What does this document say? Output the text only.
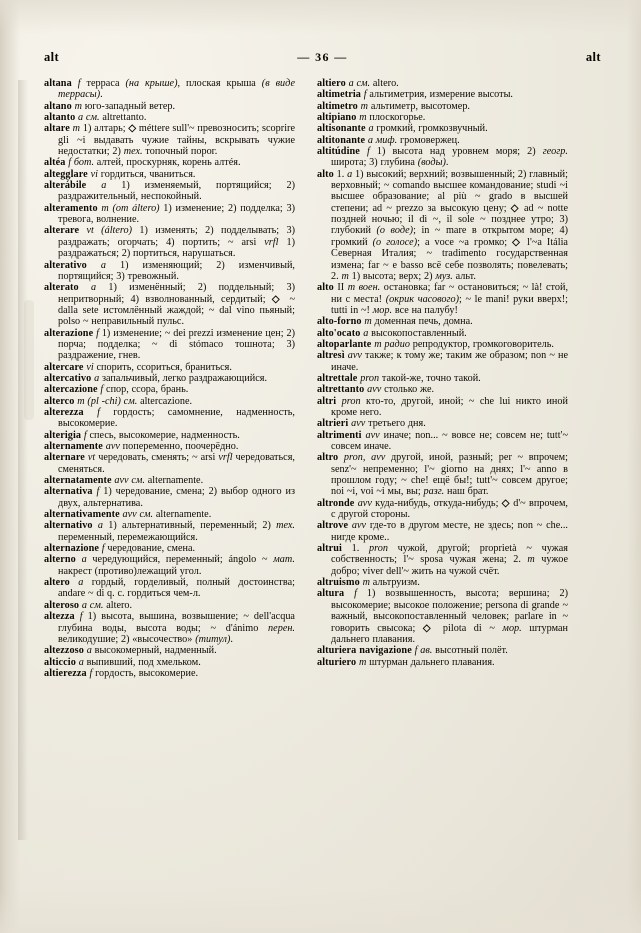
alt	— 36 —	alt

altana f терраса (на крыше), плоская крыша (в виде террасы).

altano m юго-западный ветер.

altanto a см. altrettanto.

altare m 1) алтарь; ◇ méttere sull'~ превозносить; scoprire gli ~i выдавать чужие тайны, вскрывать чужие недостатки; 2) тех. топочный порог.

altéa f бот. алтей, проскурняк, корень алтéя.

altegglare vi гордиться, чваниться.

alterábile a 1) изменяемый, портящийся; 2) раздражительный, неспокойный.

alteramento m (от áltero) 1) изменение; 2) подделка; 3) тревога, волнение.

alterare vt (áltero) 1) изменять; 2) подделывать; 3) раздражать; огорчать; 4) портить; ~ arsi vrfl 1) раздражаться; 2) портиться, нарушаться.

alterativo a 1) изменяющий; 2) изменчивый, портящийся; 3) тревожный.

alterato a 1) изменённый; 2) поддельный; 3) непритворный; 4) взволнованный, сердитый; ◇ ~ dalla sete истомлённый жаждой; ~ dal vino пьяный; polso ~ неправильный пульс.

alterazione f 1) изменение; ~ dei prezzi изменение цен; 2) порча; подделка; ~ di stómaco тошнота; 3) раздражение, гнев.

altercare vi спорить, ссориться, браниться.

altercativo a запальчивый, легко раздражающийся.

altercazione f спор, ссора, брань.

alterco m (pl -chi) см. altercazione.

alterezza f гордость; самомнение, надменность, высокомерие.

alterigia f спесь, высокомерие, надменность.

alternamente avv попеременно, поочерёдно.

alternare vt чередовать, сменять; ~ arsi vrfl чередоваться, сменяться.

alternatamente avv см. alternamente.

alternativa f 1) чередование, смена; 2) выбор одного из двух, альтернатива.

alternativamente avv см. alternamente.

alternativo a 1) альтернативный, переменный; 2) тех. переменный, перемежающийся.

alternazione f чередование, смена.

alterno a чередующийся, переменный; ángolo ~ мат. накрест (противо)лежащий угол.

altero a гордый, горделивый, полный достоинства; andare ~ di q. c. гордиться чем-л.

alteroso a см. altero.

altezza f 1) высота, вышина, возвышение; ~ dell'acqua глубина воды, высота воды; ~ d'ánimo перен. великодушие; 2) «высочество» (титул).

altezzoso a высокомерный, надменный.

alticcio a выпивший, под хмельком.

altierezza f гордость, высокомерие.

altiero a см. altero.

altimetria f альтиметрия, измерение высоты.

altimetro m альтиметр, высотомер.

altipiano m плоскогорье.

altisonante a громкий, громкозвучный.

altitonante a миф. громовержец.

altitúdine f 1) высота над уровнем моря; 2) геогр. широта; 3) глубина (воды).

alto 1. a 1) высокий; верхний; возвышенный; 2) главный; верховный; ~ comando высшее командование; studi ~i высшее образование; al più ~ grado в высшей степени; ad ~ prezzo за высокую цену; ◇ ad ~ notte поздней ночью; il dì ~, il sole ~ позднее утро; 3) глубокий (о воде); in ~ mare в открытом море; 4) громкий (о голосе); a voce ~a громко; ◇ l'~a Itália Северная Италия; ~ tradimento государственная измена; far ~ e basso всё себе позволять; повелевать; 2. m 1) высота; верх; 2) муз. альт.

alto II m воен. остановка; far ~ остановиться; ~ là! стой, ни с места! (окрик часового); ~ le mani! руки вверх!; tutti in ~! мор. все на палубу!

alto-forno m доменная печь, домна.

alto'ocato a высокопоставленный.

altoparlante m радио репродуктор, громкоговоритель.

altresì avv также; к тому же; таким же образом; non ~ не иначе.

altrettale pron такой-же, точно такой.

altrettanto avv столько же.

altri pron кто-то, другой, иной; ~ che lui никто иной кроме него.

altrieri avv третьего дня.

altrimenti avv иначе; non... ~ вовсе не; совсем не; tutt'~ совсем иначе.

altro pron, avv другой, иной, разный; per ~ впрочем; senz'~ непременно; l'~ giorno на днях; l'~ anno в прошлом году; ~ che! ещё бы!; tutt'~ совсем другое; noi ~i, voi ~i мы, вы; разг. наш брат.

altronde avv куда-нибудь, откуда-нибудь; ◇ d'~ впрочем, с другой стороны.

altrove avv где-то в другом месте, не здесь; non ~ che... нигде кроме..

altrui 1. pron чужой, другой; proprietà ~ чужая собственность; l'~ sposa чужая жена; 2. m чужое добро; viver dell'~ жить на чужой счёт.

altruismo m альтруизм.

altura f 1) возвышенность, высота; вершина; 2) высокомерие; высокое положение; persona di grande ~ важный, высокопоставленный человек; parlare in ~ говорить свысока; ◇ pilota di ~ мор. штурман дальнего плавания.

alturiera navigazione f ав. высотный полёт.

alturiero m штурман дальнего плавания.
